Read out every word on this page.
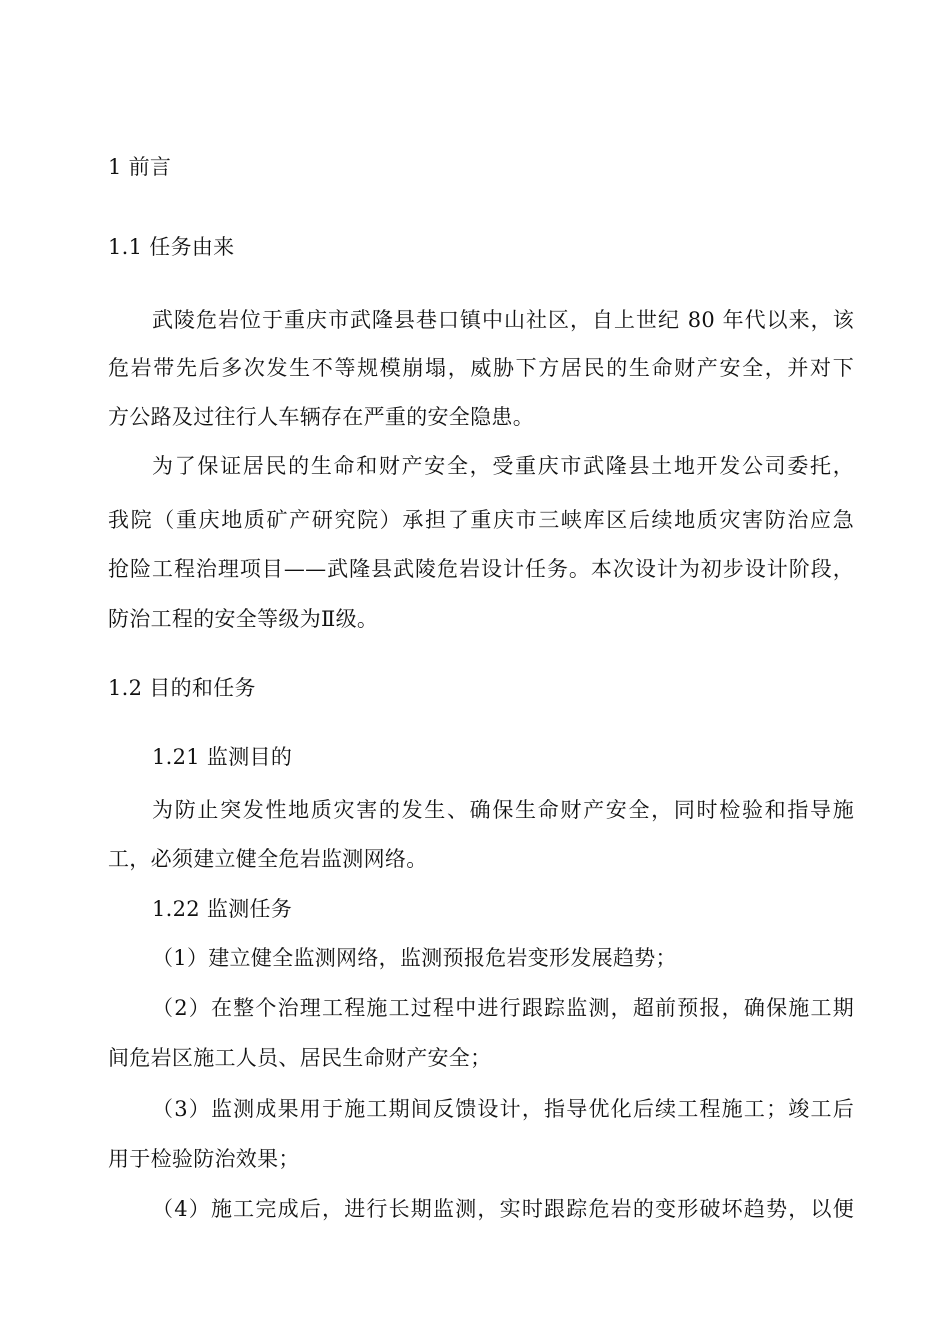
1 前言
1.1 任务由来
武陵危岩位于重庆市武隆县巷口镇中山社区，自上世纪 80 年代以来，该
危岩带先后多次发生不等规模崩塌，威胁下方居民的生命财产安全，并对下
方公路及过往行人车辆存在严重的安全隐患。
为了保证居民的生命和财产安全，受重庆市武隆县土地开发公司委托，
我院（重庆地质矿产研究院）承担了重庆市三峡库区后续地质灾害防治应急
抢险工程治理项目——武隆县武陵危岩设计任务。本次设计为初步设计阶段，
防治工程的安全等级为Ⅱ级。
1.2 目的和任务
1.21 监测目的
为防止突发性地质灾害的发生、确保生命财产安全，同时检验和指导施
工，必须建立健全危岩监测网络。
1.22 监测任务
（1）建立健全监测网络，监测预报危岩变形发展趋势；
（2）在整个治理工程施工过程中进行跟踪监测，超前预报，确保施工期
间危岩区施工人员、居民生命财产安全；
（3）监测成果用于施工期间反馈设计，指导优化后续工程施工；竣工后
用于检验防治效果；
（4）施工完成后，进行长期监测，实时跟踪危岩的变形破坏趋势，以便
